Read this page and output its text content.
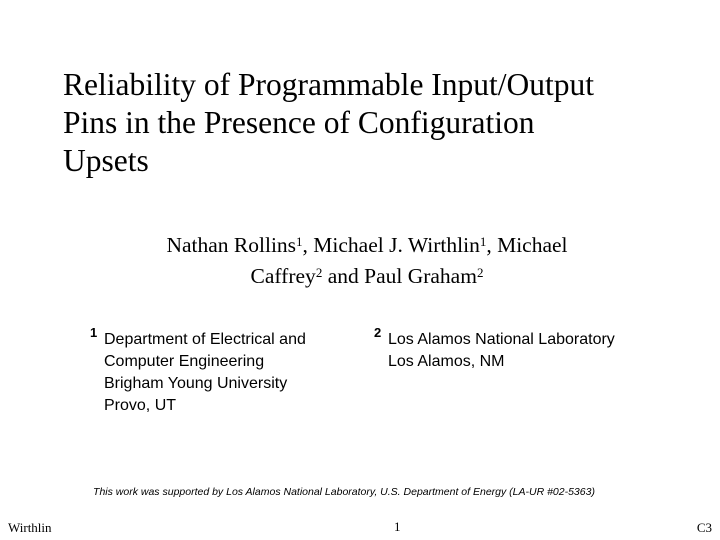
Reliability of Programmable Input/Output
Pins in the Presence of Configuration
Upsets
Nathan Rollins$^1$, Michael J. Wirthlin$^1$, Michael
Caffrey$^2$ and Paul Graham$^2$
1 Department of Electrical and
Computer Engineering
Brigham Young University
Provo, UT
2 Los Alamos National Laboratory
Los Alamos, NM
This work was supported by Los Alamos National Laboratory, U.S. Department of Energy (LA-UR #02-5363)
Wirthlin	1	C3
